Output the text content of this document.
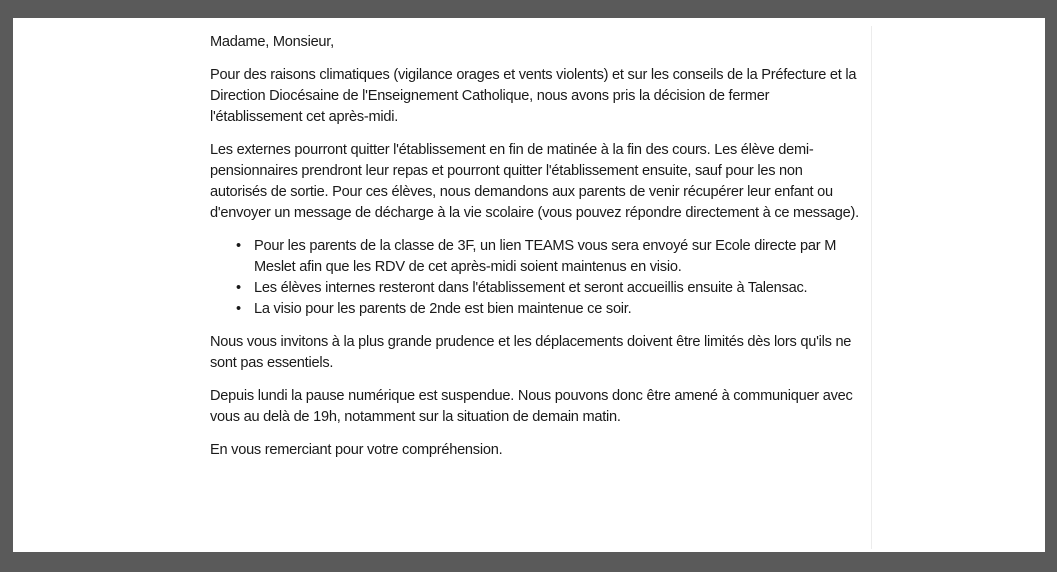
Madame, Monsieur,

Pour des raisons climatiques (vigilance orages et vents violents) et sur les conseils de la Préfecture et la Direction Diocésaine de l'Enseignement Catholique, nous avons pris la décision de fermer l'établissement cet après-midi.

Les externes pourront quitter l'établissement en fin de matinée à la fin des cours. Les élève demi-pensionnaires prendront leur repas et pourront quitter l'établissement ensuite, sauf pour les non autorisés de sortie. Pour ces élèves, nous demandons aux parents de venir récupérer leur enfant ou d'envoyer un message de décharge à la vie scolaire (vous pouvez répondre directement à ce message).

• Pour les parents de la classe de 3F, un lien TEAMS vous sera envoyé sur Ecole directe par M Meslet afin que les RDV de cet après-midi soient maintenus en visio.
• Les élèves internes resteront dans l'établissement et seront accueillis ensuite à Talensac.
• La visio pour les parents de 2nde est bien maintenue ce soir.

Nous vous invitons à la plus grande prudence et les déplacements doivent être limités dès lors qu'ils ne sont pas essentiels.

Depuis lundi la pause numérique est suspendue. Nous pouvons donc être amené à communiquer avec vous au delà de 19h, notamment sur la situation de demain matin.

En vous remerciant pour votre compréhension.
